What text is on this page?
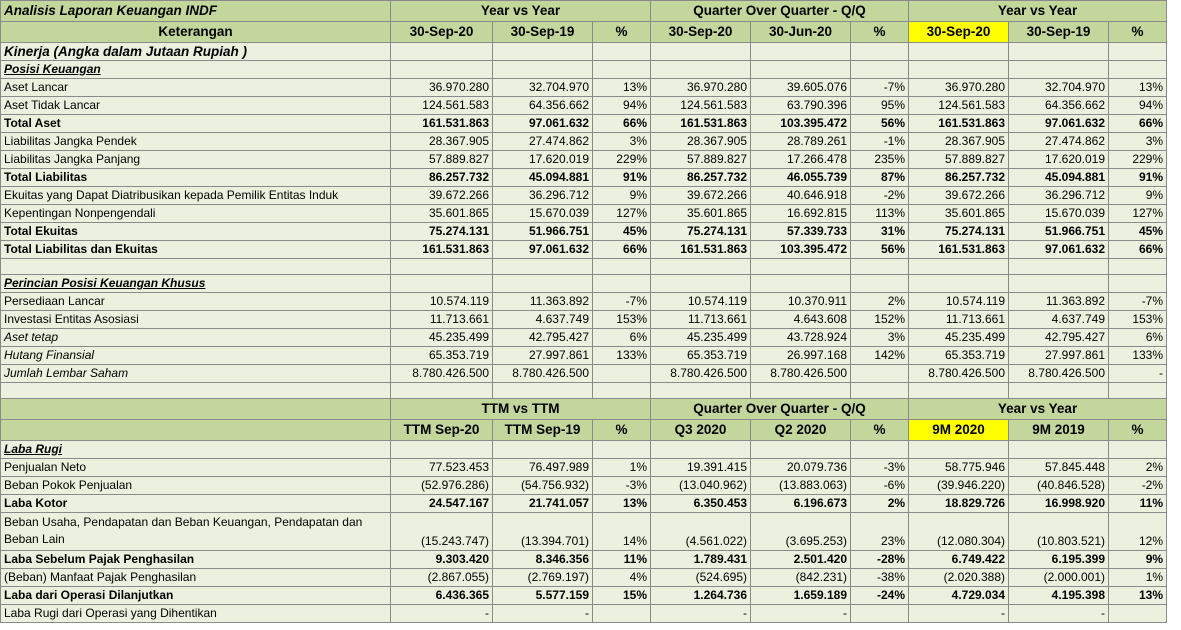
Analisis Laporan Keuangan INDF	Year vs Year			Quarter Over Quarter - Q/Q			Year vs Year		
Keterangan	30-Sep-20	30-Sep-19	%	30-Sep-20	30-Jun-20	%	30-Sep-20	30-Sep-19	%
Kinerja (Angka dalam Jutaan Rupiah )									
Posisi Keuangan									
Aset Lancar	36.970.280	32.704.970	13%	36.970.280	39.605.076	-7%	36.970.280	32.704.970	13%
Aset Tidak Lancar	124.561.583	64.356.662	94%	124.561.583	63.790.396	95%	124.561.583	64.356.662	94%
Total Aset	161.531.863	97.061.632	66%	161.531.863	103.395.472	56%	161.531.863	97.061.632	66%
Liabilitas Jangka Pendek	28.367.905	27.474.862	3%	28.367.905	28.789.261	-1%	28.367.905	27.474.862	3%
Liabilitas Jangka Panjang	57.889.827	17.620.019	229%	57.889.827	17.266.478	235%	57.889.827	17.620.019	229%
Total Liabilitas	86.257.732	45.094.881	91%	86.257.732	46.055.739	87%	86.257.732	45.094.881	91%
Ekuitas yang Dapat Diatribusikan kepada Pemilik Entitas Induk	39.672.266	36.296.712	9%	39.672.266	40.646.918	-2%	39.672.266	36.296.712	9%
Kepentingan Nonpengendali	35.601.865	15.670.039	127%	35.601.865	16.692.815	113%	35.601.865	15.670.039	127%
Total Ekuitas	75.274.131	51.966.751	45%	75.274.131	57.339.733	31%	75.274.131	51.966.751	45%
Total Liabilitas dan Ekuitas	161.531.863	97.061.632	66%	161.531.863	103.395.472	56%	161.531.863	97.061.632	66%

Perincian Posisi Keuangan Khusus									
Persediaan Lancar	10.574.119	11.363.892	-7%	10.574.119	10.370.911	2%	10.574.119	11.363.892	-7%
Investasi Entitas Asosiasi	11.713.661	4.637.749	153%	11.713.661	4.643.608	152%	11.713.661	4.637.749	153%
Aset tetap	45.235.499	42.795.427	6%	45.235.499	43.728.924	3%	45.235.499	42.795.427	6%
Hutang Finansial	65.353.719	27.997.861	133%	65.353.719	26.997.168	142%	65.353.719	27.997.861	133%
Jumlah Lembar Saham	8.780.426.500	8.780.426.500		8.780.426.500	8.780.426.500		8.780.426.500	8.780.426.500	-

	TTM vs TTM			Quarter Over Quarter - Q/Q			Year vs Year		
	TTM Sep-20	TTM Sep-19	%	Q3 2020	Q2 2020	%	9M 2020	9M 2019	%
Laba Rugi									
Penjualan Neto	77.523.453	76.497.989	1%	19.391.415	20.079.736	-3%	58.775.946	57.845.448	2%
Beban Pokok Penjualan	(52.976.286)	(54.756.932)	-3%	(13.040.962)	(13.883.063)	-6%	(39.946.220)	(40.846.528)	-2%
Laba Kotor	24.547.167	21.741.057	13%	6.350.453	6.196.673	2%	18.829.726	16.998.920	11%
Beban Usaha, Pendapatan dan Beban Keuangan, Pendapatan dan Beban Lain	(15.243.747)	(13.394.701)	14%	(4.561.022)	(3.695.253)	23%	(12.080.304)	(10.803.521)	12%
Laba Sebelum Pajak Penghasilan	9.303.420	8.346.356	11%	1.789.431	2.501.420	-28%	6.749.422	6.195.399	9%
(Beban) Manfaat Pajak Penghasilan	(2.867.055)	(2.769.197)	4%	(524.695)	(842.231)	-38%	(2.020.388)	(2.000.001)	1%
Laba dari Operasi Dilanjutkan	6.436.365	5.577.159	15%	1.264.736	1.659.189	-24%	4.729.034	4.195.398	13%
Laba Rugi dari Operasi yang Dihentikan	-	-		-	-		-	-	
